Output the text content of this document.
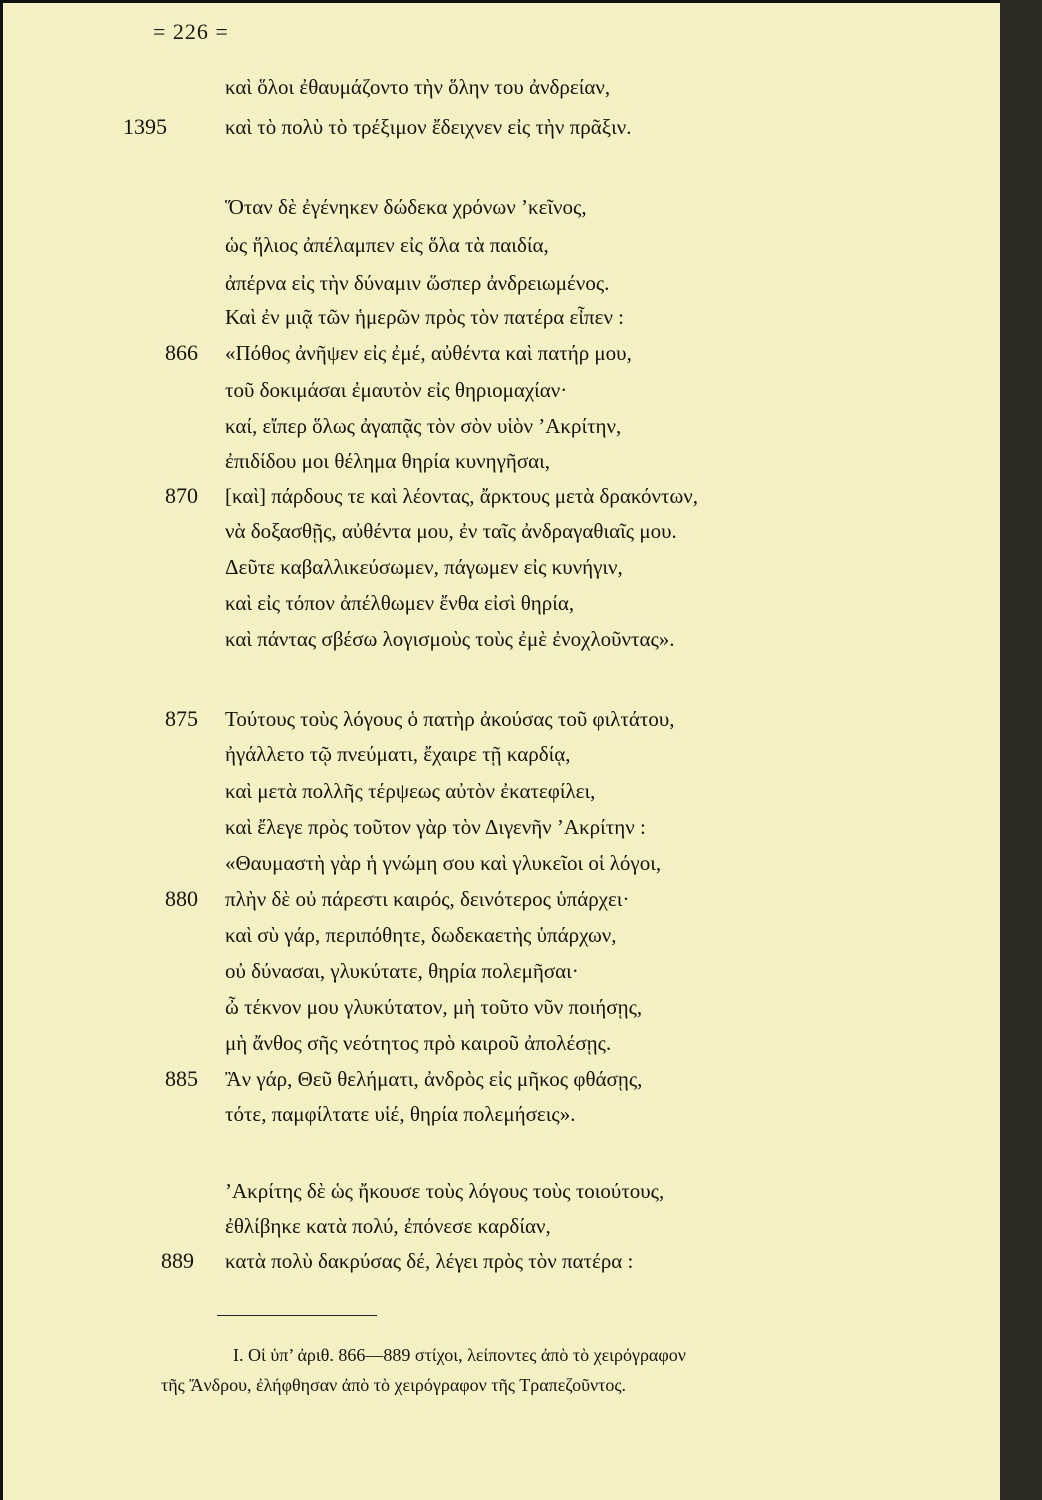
= 226 =
καὶ ὅλοι ἐθαυμάζοντο τὴν ὅλην του ἀνδρείαν,
1395	καὶ τὸ πολὺ τὸ τρέξιμον ἔδειχνεν εἰς τὴν πρᾶξιν.
Ὅταν δὲ ἐγένηκεν δώδεκα χρόνων ’κεῖνος,
ὡς ἥλιος ἀπέλαμπεν εἰς ὅλα τὰ παιδία,
ἀπέρνα εἰς τὴν δύναμιν ὥσπερ ἀνδρειωμένος.
Καὶ ἐν μιᾷ τῶν ἡμερῶν πρὸς τὸν πατέρα εἶπεν :
866	«Πόθος ἀνῆψεν εἰς ἐμέ, αὐθέντα καὶ πατήρ μου,
τοῦ δοκιμάσαι ἐμαυτὸν εἰς θηριομαχίαν·
καί, εἴπερ ὅλως ἀγαπᾷς τὸν σὸν υἱὸν ’Ακρίτην,
ἐπιδίδου μοι θέλημα θηρία κυνηγῆσαι,
870	[καὶ] πάρδους τε καὶ λέοντας, ἄρκτους μετὰ δρακόντων,
νὰ δοξασθῇς, αὐθέντα μου, ἐν ταῖς ἀνδραγαθιαῖς μου.
Δεῦτε καβαλλικεύσωμεν, πάγωμεν εἰς κυνήγιν,
καὶ εἰς τόπον ἀπέλθωμεν ἔνθα εἰσὶ θηρία,
καὶ πάντας σβέσω λογισμοὺς τοὺς ἐμὲ ἐνοχλοῦντας».
875	Τούτους τοὺς λόγους ὁ πατὴρ ἀκούσας τοῦ φιλτάτου,
ἠγάλλετο τῷ πνεύματι, ἔχαιρε τῇ καρδίᾳ,
καὶ μετὰ πολλῆς τέρψεως αὐτὸν ἐκατεφίλει,
καὶ ἔλεγε πρὸς τοῦτον γὰρ τὸν Διγενῆν ’Ακρίτην :
«Θαυμαστὴ γὰρ ἡ γνώμη σου καὶ γλυκεῖοι οἱ λόγοι,
880	πλὴν δὲ οὐ πάρεστι καιρός, δεινότερος ὑπάρχει·
καὶ σὺ γάρ, περιπόθητε, δωδεκαετὴς ὑπάρχων,
οὐ δύνασαι, γλυκύτατε, θηρία πολεμῆσαι·
ὦ τέκνον μου γλυκύτατον, μὴ τοῦτο νῦν ποιήσῃς,
μὴ ἄνθος σῆς νεότητος πρὸ καιροῦ ἀπολέσῃς.
885	Ἂν γάρ, Θεῦ θελήματι, ἀνδρὸς εἰς μῆκος φθάσῃς,
τότε, παμφίλτατε υἱέ, θηρία πολεμήσεις».
’Ακρίτης δὲ ὡς ἤκουσε τοὺς λόγους τοὺς τοιούτους,
ἐθλίβηκε κατὰ πολύ, ἐπόνεσε καρδίαν,
889	κατὰ πολὺ δακρύσας δέ, λέγει πρὸς τὸν πατέρα :
Ι. Οἱ ὑπ’ ἀριθ. 866—889 στίχοι, λείποντες ἀπὸ τὸ χειρόγραφον
τῆς Ἄνδρου, ἐλήφθησαν ἀπὸ τὸ χειρόγραφον τῆς Τραπεζοῦντος.
